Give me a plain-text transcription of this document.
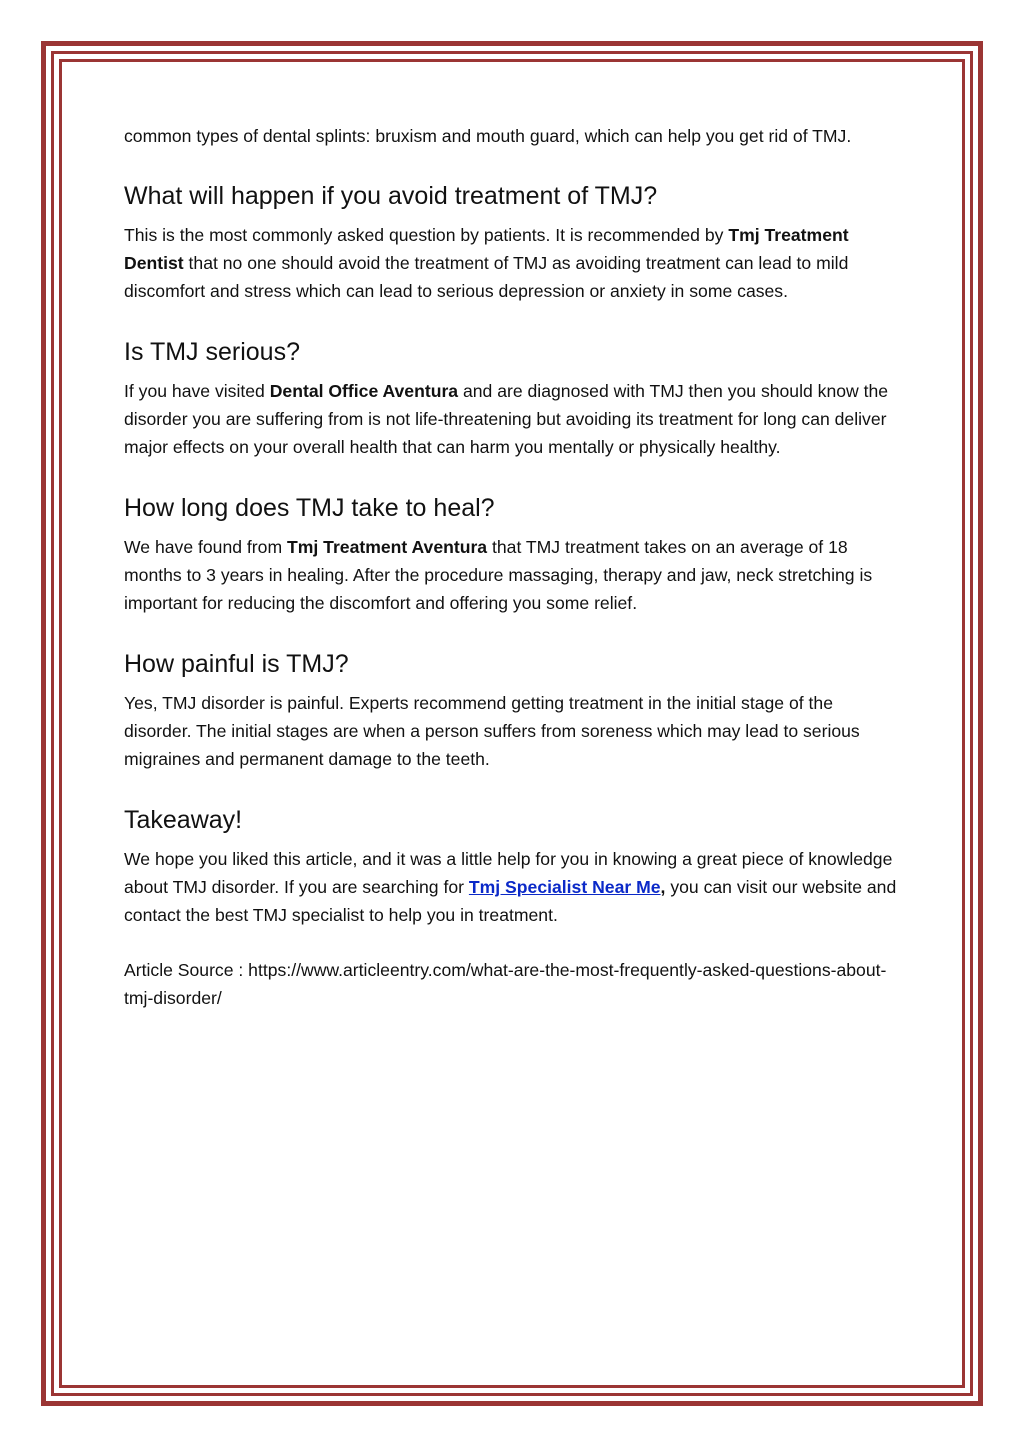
common types of dental splints: bruxism and mouth guard, which can help you get rid of TMJ.

What will happen if you avoid treatment of TMJ?

This is the most commonly asked question by patients. It is recommended by Tmj Treatment Dentist that no one should avoid the treatment of TMJ as avoiding treatment can lead to mild discomfort and stress which can lead to serious depression or anxiety in some cases.

Is TMJ serious?

If you have visited Dental Office Aventura and are diagnosed with TMJ then you should know the disorder you are suffering from is not life-threatening but avoiding its treatment for long can deliver major effects on your overall health that can harm you mentally or physically healthy.

How long does TMJ take to heal?

We have found from Tmj Treatment Aventura that TMJ treatment takes on an average of 18 months to 3 years in healing. After the procedure massaging, therapy and jaw, neck stretching is important for reducing the discomfort and offering you some relief.

How painful is TMJ?

Yes, TMJ disorder is painful. Experts recommend getting treatment in the initial stage of the disorder. The initial stages are when a person suffers from soreness which may lead to serious migraines and permanent damage to the teeth.

Takeaway!

We hope you liked this article, and it was a little help for you in knowing a great piece of knowledge about TMJ disorder. If you are searching for Tmj Specialist Near Me, you can visit our website and contact the best TMJ specialist to help you in treatment.

Article Source : https://www.articleentry.com/what-are-the-most-frequently-asked-questions-about-tmj-disorder/
